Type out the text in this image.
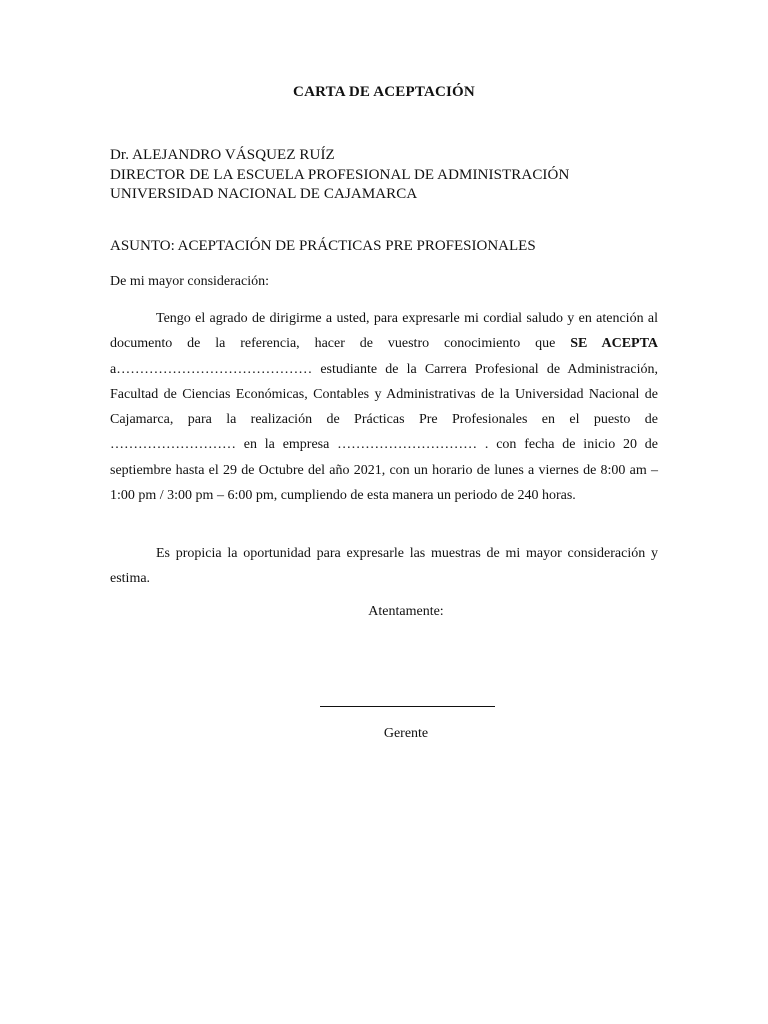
CARTA DE ACEPTACIÓN
Dr. ALEJANDRO VÁSQUEZ RUÍZ
DIRECTOR DE LA ESCUELA PROFESIONAL DE ADMINISTRACIÓN
UNIVERSIDAD NACIONAL DE CAJAMARCA
ASUNTO: ACEPTACIÓN DE PRÁCTICAS PRE PROFESIONALES
De mi mayor consideración:
Tengo el agrado de dirigirme a usted, para expresarle mi cordial saludo y en atención al documento de la referencia, hacer de vuestro conocimiento que SE ACEPTA a…………………………………… estudiante de la Carrera Profesional de Administración, Facultad de Ciencias Económicas, Contables y Administrativas de la Universidad Nacional de Cajamarca, para la realización de Prácticas Pre Profesionales en el puesto de ……………………… en la empresa ………………………… . con fecha de inicio 20 de septiembre hasta el 29 de Octubre del año 2021, con un horario de lunes a viernes de 8:00 am – 1:00 pm / 3:00 pm – 6:00 pm, cumpliendo de esta manera un periodo de 240 horas.
Es propicia la oportunidad para expresarle las muestras de mi mayor consideración y estima.
Atentamente:
Gerente
